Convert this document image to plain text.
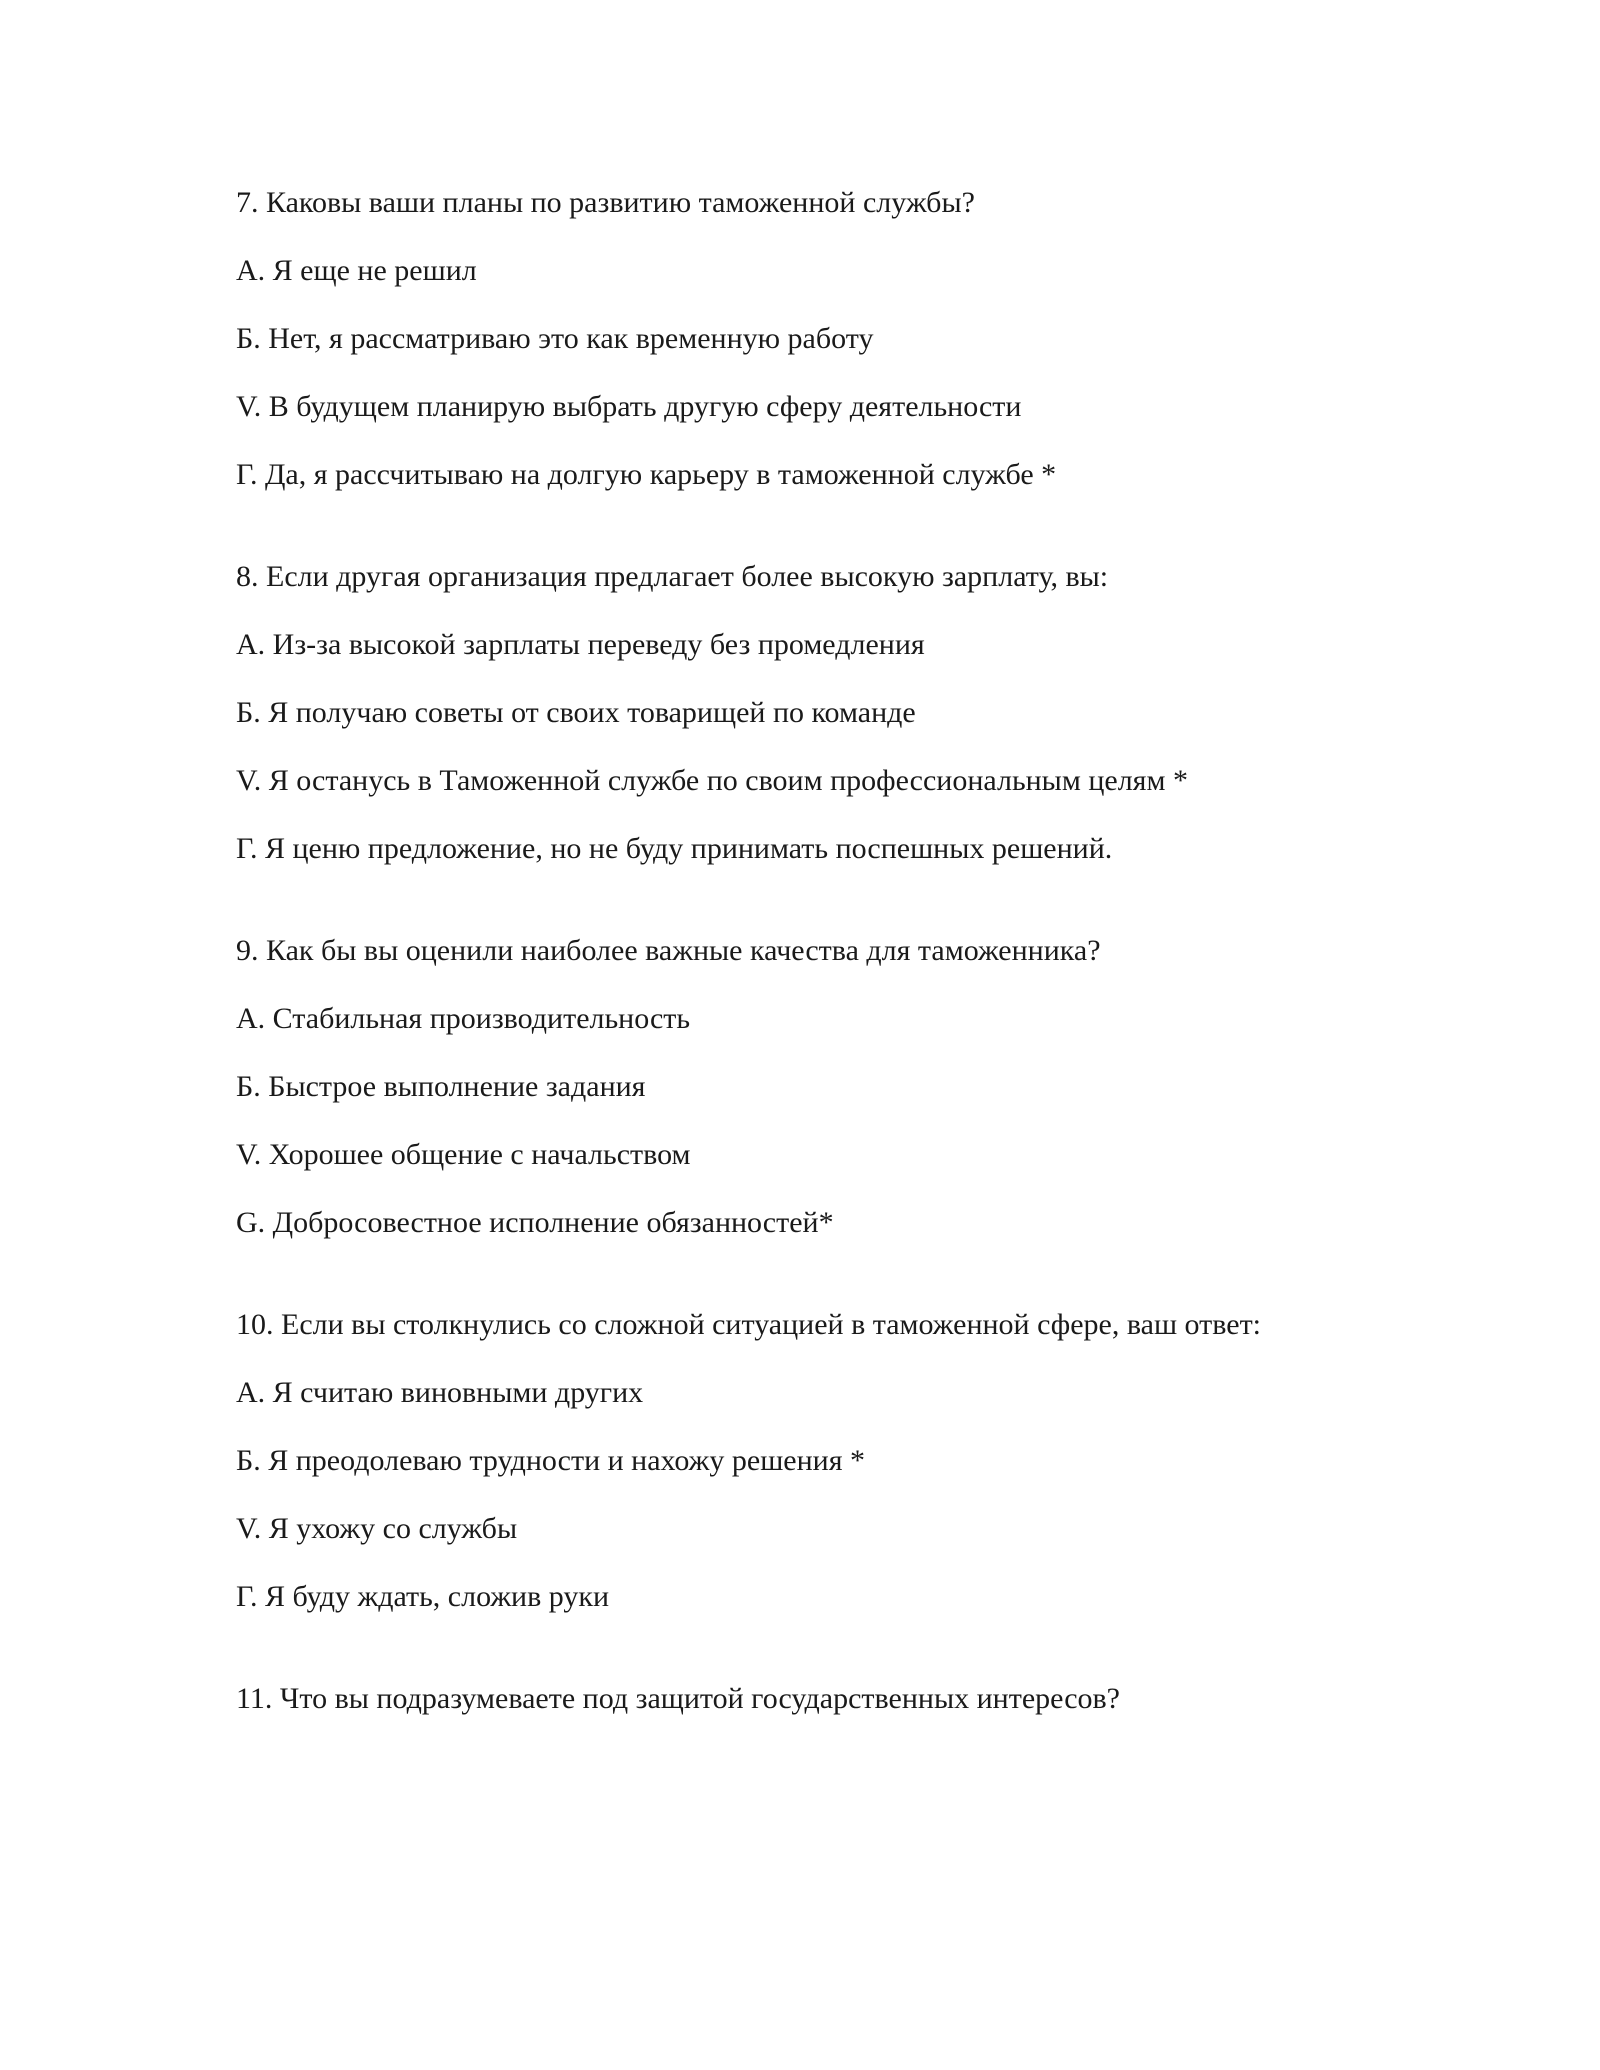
7. Каковы ваши планы по развитию таможенной службы?
А. Я еще не решил
Б. Нет, я рассматриваю это как временную работу
V. В будущем планирую выбрать другую сферу деятельности
Г. Да, я рассчитываю на долгую карьеру в таможенной службе *
8. Если другая организация предлагает более высокую зарплату, вы:
А. Из-за высокой зарплаты переведу без промедления
Б. Я получаю советы от своих товарищей по команде
V. Я останусь в Таможенной службе по своим профессиональным целям *
Г. Я ценю предложение, но не буду принимать поспешных решений.
9. Как бы вы оценили наиболее важные качества для таможенника?
А. Стабильная производительность
Б. Быстрое выполнение задания
V. Хорошее общение с начальством
G. Добросовестное исполнение обязанностей*
10. Если вы столкнулись со сложной ситуацией в таможенной сфере, ваш ответ:
А. Я считаю виновными других
Б. Я преодолеваю трудности и нахожу решения *
V. Я ухожу со службы
Г. Я буду ждать, сложив руки
11. Что вы подразумеваете под защитой государственных интересов?
